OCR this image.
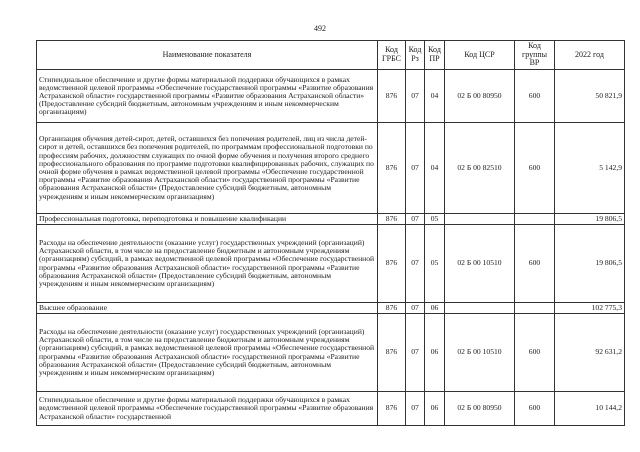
492
Наименование показателя	Код ГРБС	Код Рз	Код ПР	Код ЦСР	Код группы ВР	2022 год
Стипендиальное обеспечение и другие формы материальной поддержки обучающихся в рамках ведомственной целевой программы «Обеспечение государственной программы «Развитие образования Астраханской области» государственной программы «Развитие образования Астраханской области» (Предоставление субсидий бюджетным, автономным учреждениям и иным некоммерческим организациям)	876	07	04	02 Б 00 80950	600	50 821,9
Организация обучения детей-сирот, детей, оставшихся без попечения родителей, лиц из числа детей-сирот и детей, оставшихся без попечения родителей, по программам профессиональной подготовки по профессиям рабочих, должностям служащих по очной форме обучения и получения второго среднего профессионального образования по программе подготовки квалифицированных рабочих, служащих по очной форме обучения в рамках ведомственной целевой программы «Обеспечение государственной программы «Развитие образования Астраханской области» государственной программы «Развитие образования Астраханской области» (Предоставление субсидий бюджетным, автономным учреждениям и иным некоммерческим организациям)	876	07	04	02 Б 00 82510	600	5 142,9
Профессиональная подготовка, переподготовка и повышение квалификации	876	07	05			19 806,5
Расходы на обеспечение деятельности (оказание услуг) государственных учреждений (организаций) Астраханской области, в том числе на предоставление бюджетным и автономным учреждениям (организациям) субсидий, в рамках ведомственной целевой программы «Обеспечение государственной программы «Развитие образования Астраханской области» государственной программы «Развитие образования Астраханской области» (Предоставление субсидий бюджетным, автономным учреждениям и иным некоммерческим организациям)	876	07	05	02 Б 00 10510	600	19 806,5
Высшее образование	876	07	06			102 775,3
Расходы на обеспечение деятельности (оказание услуг) государственных учреждений (организаций) Астраханской области, в том числе на предоставление бюджетным и автономным учреждениям (организациям) субсидий, в рамках ведомственной целевой программы «Обеспечение государственной программы «Развитие образования Астраханской области» государственной программы «Развитие образования Астраханской области» (Предоставление субсидий бюджетным, автономным учреждениям и иным некоммерческим организациям)	876	07	06	02 Б 00 10510	600	92 631,2
Стипендиальное обеспечение и другие формы материальной поддержки обучающихся в рамках ведомственной целевой программы «Обеспечение государственной программы «Развитие образования Астраханской области» государственной	876	07	06	02 Б 00 80950	600	10 144,2
